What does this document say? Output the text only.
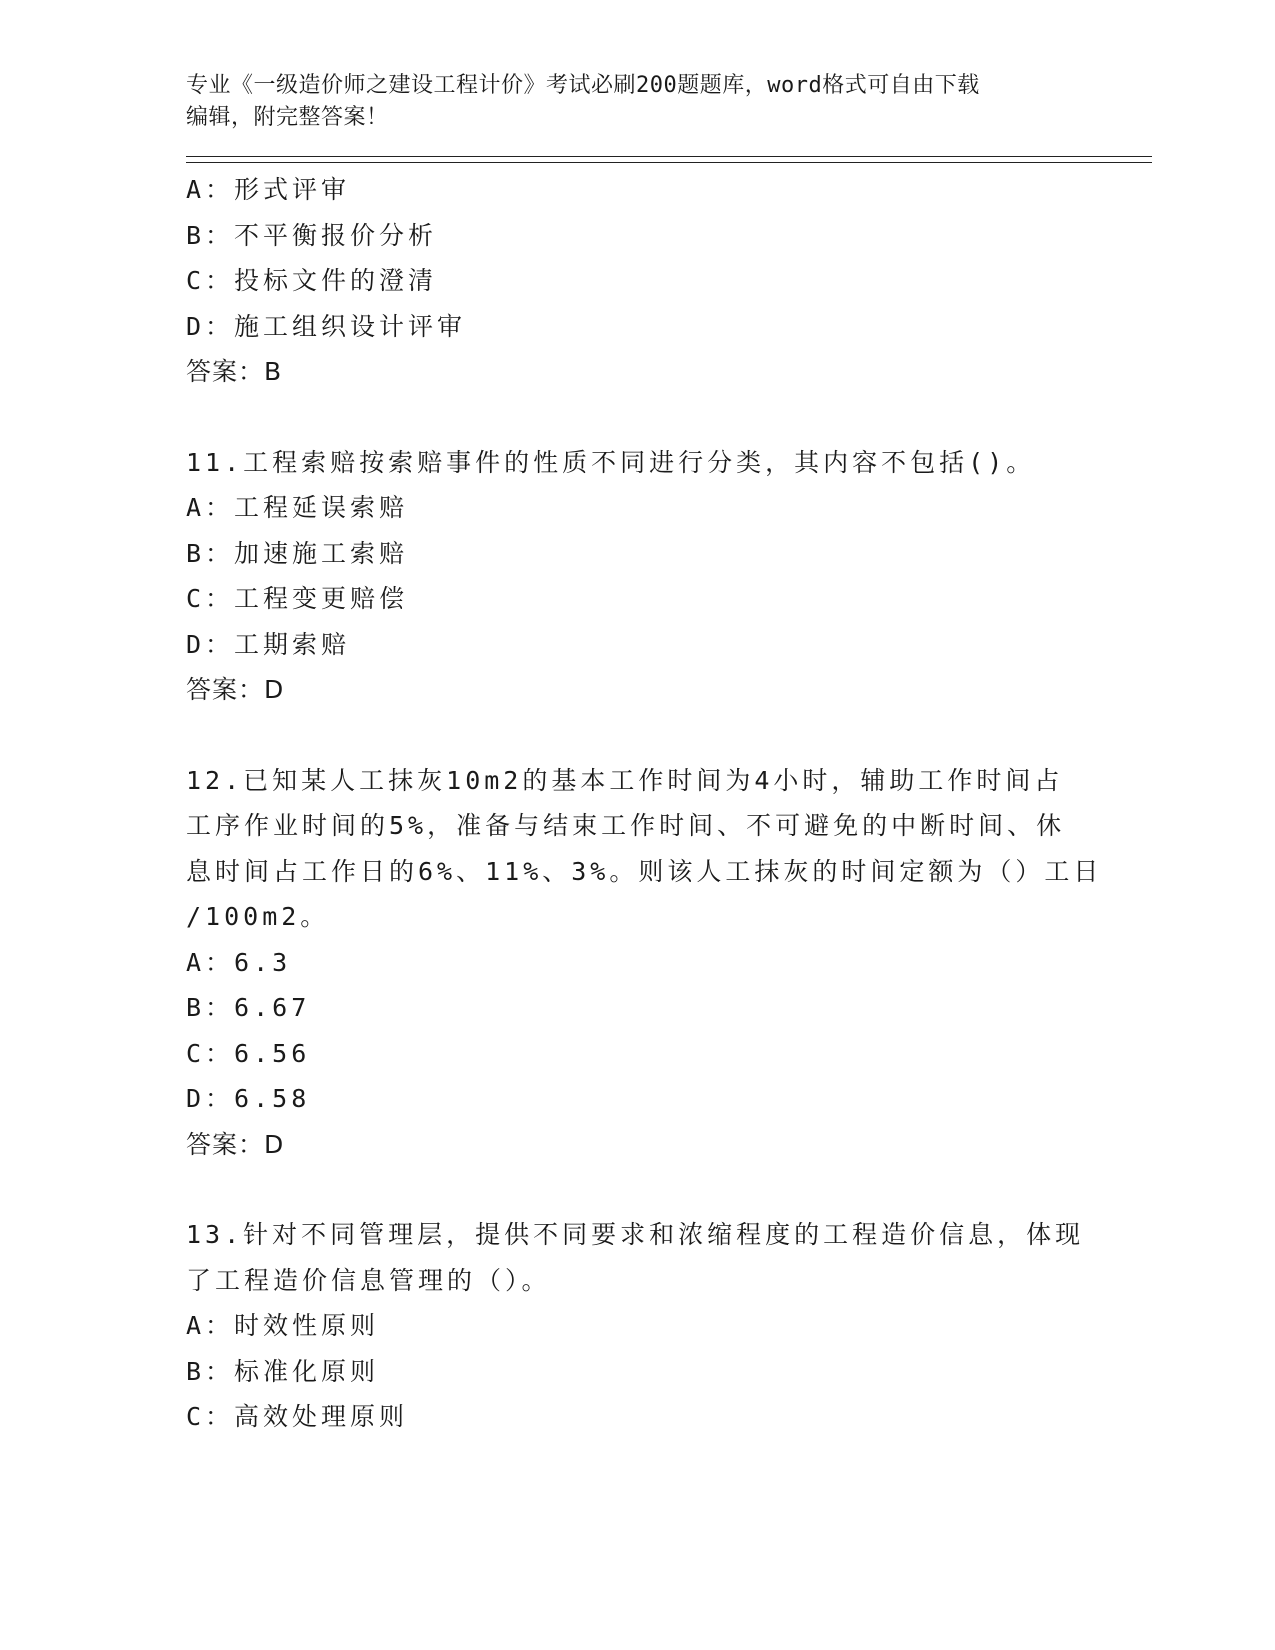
专业《一级造价师之建设工程计价》考试必刷200题题库，word格式可自由下载
编辑，附完整答案！
A：形式评审
B：不平衡报价分析
C：投标文件的澄清
D：施工组织设计评审
答案：B
11.工程索赔按索赔事件的性质不同进行分类，其内容不包括()。
A：工程延误索赔
B：加速施工索赔
C：工程变更赔偿
D：工期索赔
答案：D
12.已知某人工抹灰10m2的基本工作时间为4小时，辅助工作时间占
工序作业时间的5%，准备与结束工作时间、不可避免的中断时间、休
息时间占工作日的6%、11%、3%。则该人工抹灰的时间定额为（）工日
/100m2。
A：6.3
B：6.67
C：6.56
D：6.58
答案：D
13.针对不同管理层，提供不同要求和浓缩程度的工程造价信息，体现
了工程造价信息管理的（）。
A：时效性原则
B：标准化原则
C：高效处理原则
